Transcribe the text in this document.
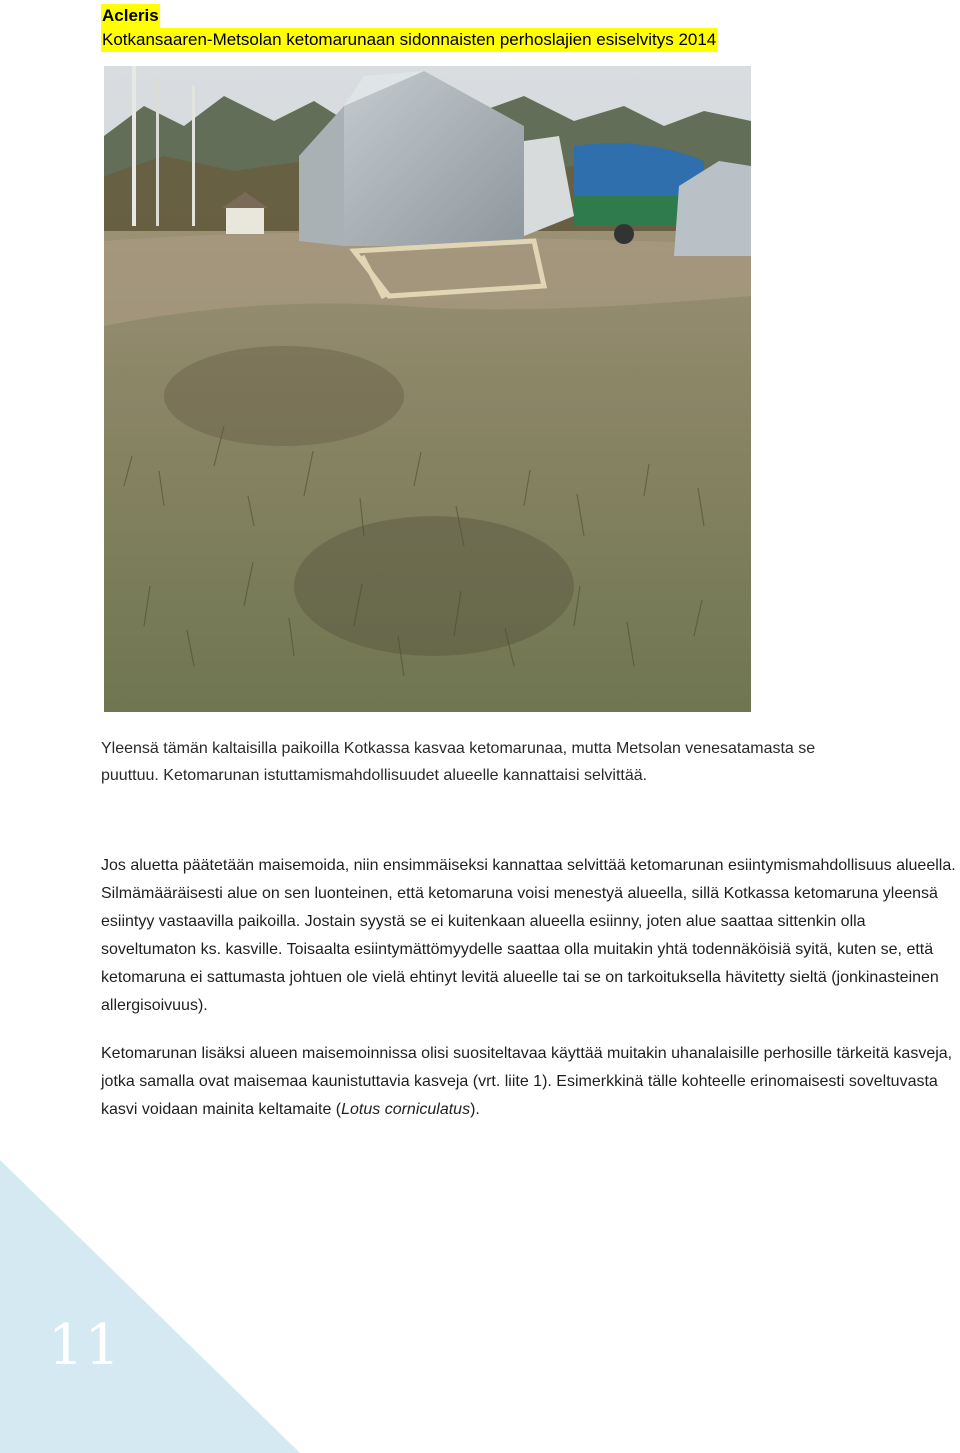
Acleris
Kotkansaaren-Metsolan ketomarunaan sidonnaisten perhoslajien esiselvitys 2014

Yleensä tämän kaltaisilla paikoilla Kotkassa kasvaa ketomarunaa, mutta Metsolan venesatamasta se

puuttuu. Ketomarunan istuttamismahdollisuudet alueelle kannattaisi selvittää.

Jos aluetta päätetään maisemoida, niin ensimmäiseksi kannattaa selvittää ketomarunan esiintymismahdollisuus alueella. Silmämääräisesti alue on sen luonteinen, että ketomaruna voisi menestyä alueella, sillä Kotkassa ketomaruna yleensä esiintyy vastaavilla paikoilla. Jostain syystä se ei kuitenkaan alueella esiinny, joten alue saattaa sittenkin olla soveltumaton ks. kasville. Toisaalta esiintymättömyydelle saattaa olla muitakin yhtä todennäköisiä syitä, kuten se, että ketomaruna ei sattumasta johtuen ole vielä ehtinyt levitä alueelle tai se on tarkoituksella hävitetty sieltä (jonkinasteinen allergisoivuus).

Ketomarunan lisäksi alueen maisemoinnissa olisi suositeltavaa käyttää muitakin uhanalaisille perhosille tärkeitä kasveja, jotka samalla ovat maisemaa kaunistuttavia kasveja (vrt. liite 1). Esimerkkinä tälle kohteelle erinomaisesti soveltuvasta kasvi voidaan mainita keltamaite (Lotus corniculatus).

11
